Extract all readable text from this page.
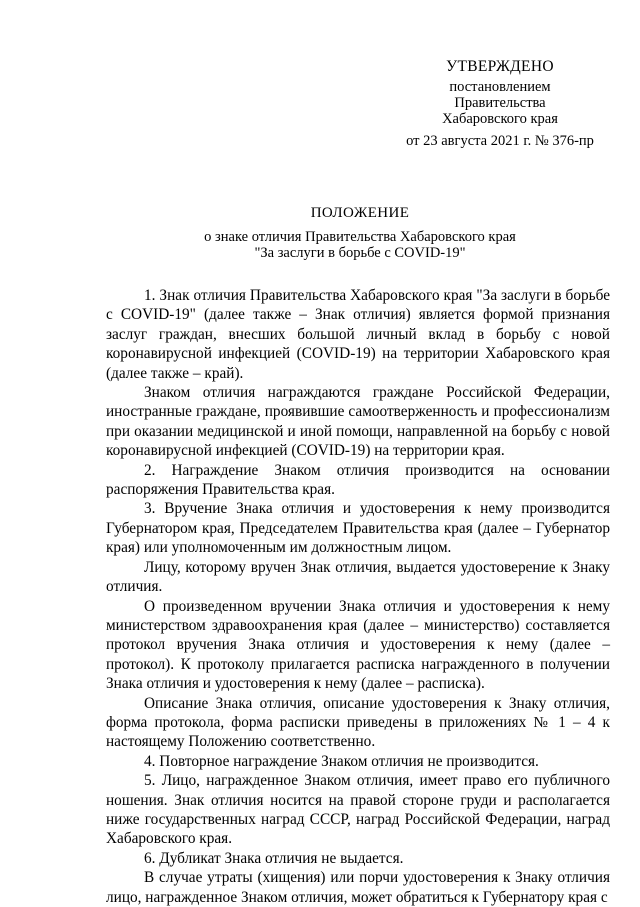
УТВЕРЖДЕНО
постановлением
Правительства
Хабаровского края
от 23 августа 2021 г. № 376-пр
ПОЛОЖЕНИЕ
о знаке отличия Правительства Хабаровского края
"За заслуги в борьбе с COVID-19"

1. Знак отличия Правительства Хабаровского края "За заслуги в борьбе с COVID-19" (далее также – Знак отличия) является формой признания заслуг граждан, внесших большой личный вклад в борьбу с новой коронавирусной инфекцией (COVID-19) на территории Хабаровского края (далее также – край).

Знаком отличия награждаются граждане Российской Федерации, иностранные граждане, проявившие самоотверженность и профессионализм при оказании медицинской и иной помощи, направленной на борьбу с новой коронавирусной инфекцией (COVID-19) на территории края.

2. Награждение Знаком отличия производится на основании распоряжения Правительства края.

3. Вручение Знака отличия и удостоверения к нему производится Губернатором края, Председателем Правительства края (далее – Губернатор края) или уполномоченным им должностным лицом.

Лицу, которому вручен Знак отличия, выдается удостоверение к Знаку отличия.

О произведенном вручении Знака отличия и удостоверения к нему министерством здравоохранения края (далее – министерство) составляется протокол вручения Знака отличия и удостоверения к нему (далее – протокол). К протоколу прилагается расписка награжденного в получении Знака отличия и удостоверения к нему (далее – расписка).

Описание Знака отличия, описание удостоверения к Знаку отличия, форма протокола, форма расписки приведены в приложениях № 1 – 4 к настоящему Положению соответственно.

4. Повторное награждение Знаком отличия не производится.

5. Лицо, награжденное Знаком отличия, имеет право его публичного ношения. Знак отличия носится на правой стороне груди и располагается ниже государственных наград СССР, наград Российской Федерации, наград Хабаровского края.

6. Дубликат Знака отличия не выдается.

В случае утраты (хищения) или порчи удостоверения к Знаку отличия лицо, награжденное Знаком отличия, может обратиться к Губернатору края с
